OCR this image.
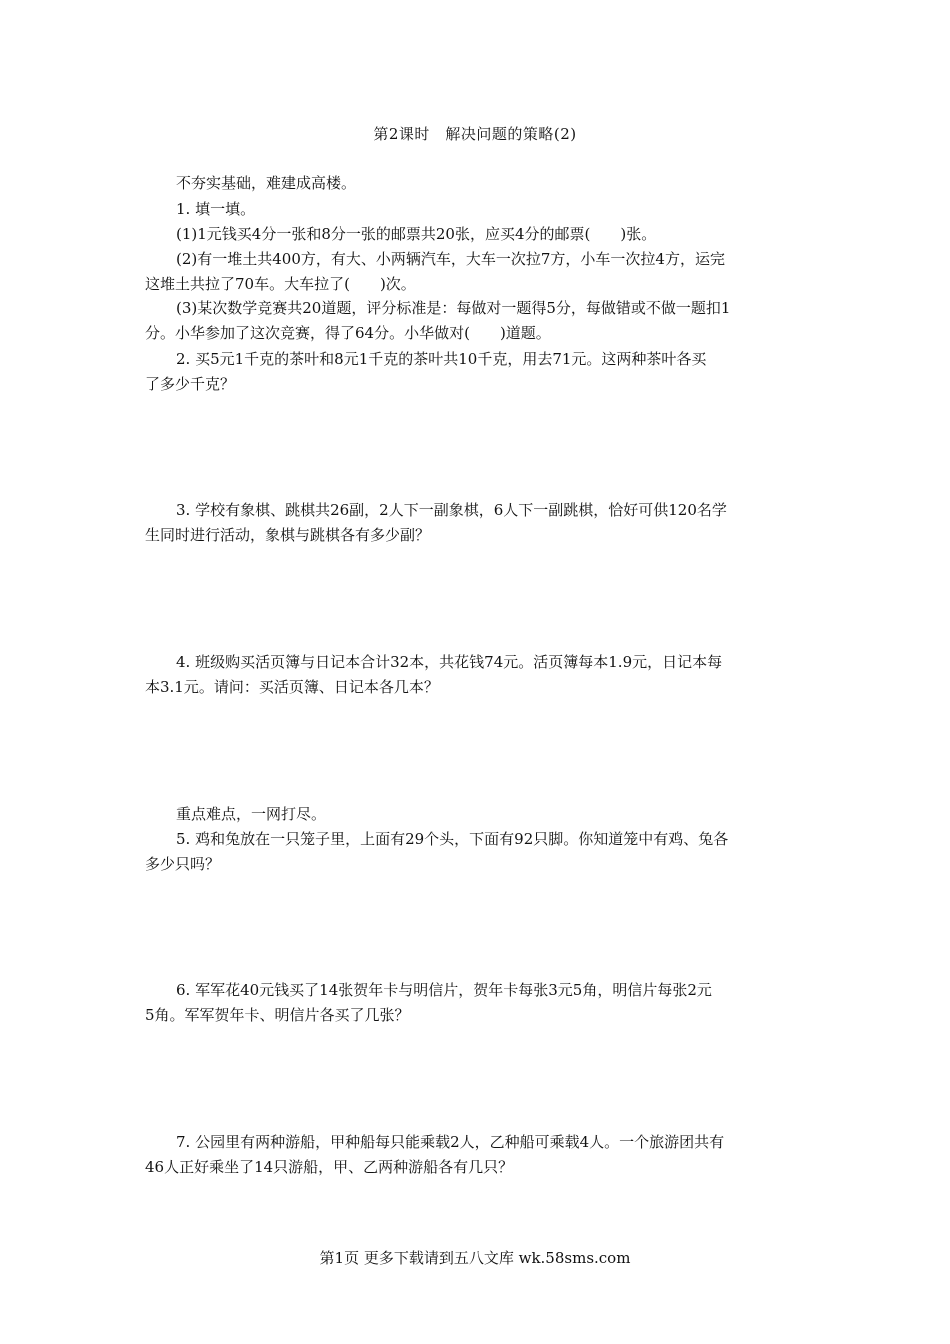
第2课时　解决问题的策略(2)
不夯实基础，难建成高楼。
1. 填一填。
(1)1元钱买4分一张和8分一张的邮票共20张，应买4分的邮票(　　)张。
(2)有一堆土共400方，有大、小两辆汽车，大车一次拉7方，小车一次拉4方，运完
这堆土共拉了70车。大车拉了(　　)次。
(3)某次数学竞赛共20道题，评分标准是：每做对一题得5分，每做错或不做一题扣1
分。小华参加了这次竞赛，得了64分。小华做对(　　)道题。
2. 买5元1千克的茶叶和8元1千克的茶叶共10千克，用去71元。这两种茶叶各买
了多少千克？
3. 学校有象棋、跳棋共26副，2人下一副象棋，6人下一副跳棋，恰好可供120名学
生同时进行活动，象棋与跳棋各有多少副？
4. 班级购买活页簿与日记本合计32本，共花钱74元。活页簿每本1.9元，日记本每
本3.1元。请问：买活页簿、日记本各几本？
重点难点，一网打尽。
5. 鸡和兔放在一只笼子里，上面有29个头，下面有92只脚。你知道笼中有鸡、兔各
多少只吗？
6. 军军花40元钱买了14张贺年卡与明信片，贺年卡每张3元5角，明信片每张2元
5角。军军贺年卡、明信片各买了几张？
7. 公园里有两种游船，甲种船每只能乘载2人，乙种船可乘载4人。一个旅游团共有
46人正好乘坐了14只游船，甲、乙两种游船各有几只？
第1页 更多下载请到五八文库 wk.58sms.com
